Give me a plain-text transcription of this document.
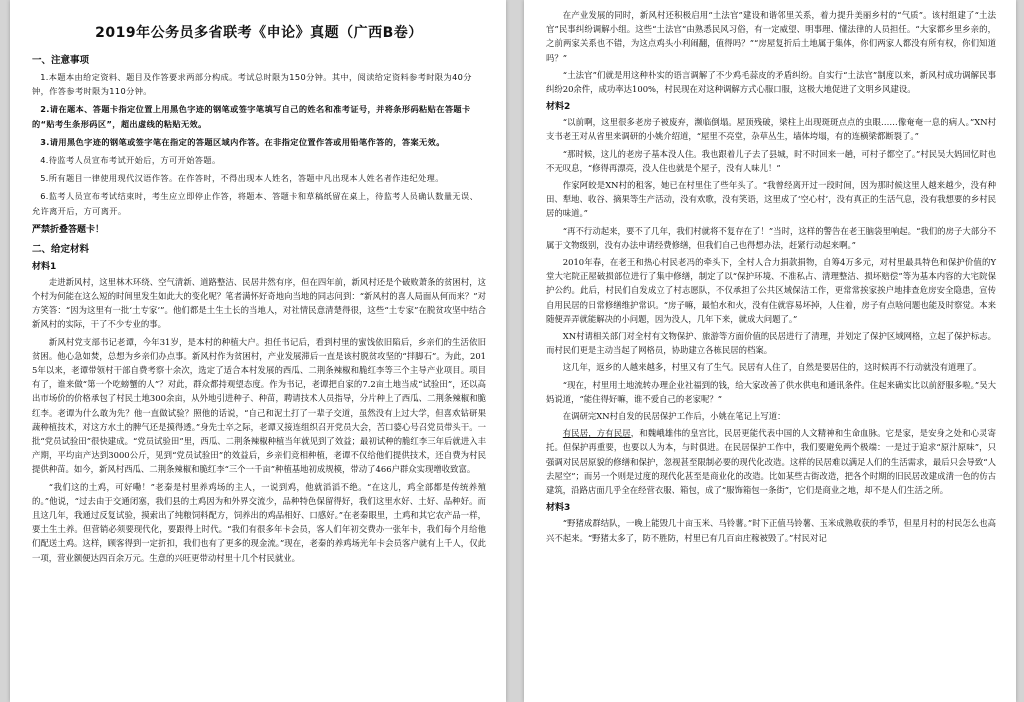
2019年公务员多省联考《申论》真题（广西B卷）
一、注意事项
1.本题本由给定资料、题目及作答要求两部分构成。考试总时限为150分钟。其中，阅读给定资料参考时限为40分钟，作答参考时限为110分钟。
2.请在题本、答题卡指定位置上用黑色字迹的钢笔或签字笔填写自己的姓名和准考证号，并将条形码粘贴在答题卡的“贴考生条形码区”，超出虚线的粘贴无效。
3.请用黑色字迹的钢笔或签字笔在指定的答题区域内作答。在非指定位置作答或用铅笔作答的，答案无效。
4.待监考人员宣布考试开始后，方可开始答题。
5.所有题目一律使用现代汉语作答。在作答时，不得出现本人姓名，答题中凡出现本人姓名者作违纪处理。
6.监考人员宣布考试结束时，考生应立即停止作答，将题本、答题卡和草稿纸留在桌上，待监考人员确认数量无误、允许离开后，方可离开。
严禁折叠答题卡！
二、给定材料
材料1

走进新风村，这里林木环绕、空气清新、道路整洁、民居井然有序，但在四年前，新风村还是个破败萧条的贫困村，这个村为何能在这么短的时间里发生如此大的变化呢？笔者满怀好奇地向当地的同志问到：“新风村的喜人局面从何而来？”对方笑答：“因为这里有一批‘土专家’”。他们都是土生土长的当地人，对社情民意清楚得很，这些“土专家”在脱贫攻坚中结合新风村的实际，干了不少专业的事。

新风村党支部书记老谭，今年31岁，是本村的种植大户。担任书记后，看到村里的蜜饯依旧陷后，乡亲们的生活依旧贫困。他心急如焚，总想为乡亲们办点事。新风村作为贫困村，产业发展滞后一直是该村脱贫攻坚的“拌脚石”。为此，2015年以来，老谭带领村干部自费考察十余次，选定了适合本村发展的西瓜、二荆条辣椒和脆红李等三个主导产业项目。项目有了，谁来做“第一个吃螃蟹的人”？对此，群众都持观望态度。作为书记，老谭把自家的7.2亩土地当成“试验田”，还以高出市场价的价格承包了村民土地300余亩，从外地引进种子、种苗，聘请技术人员指导，分片种上了西瓜、二荆条辣椒和脆红李。老谭为什么敢为先？他一直做试验？照他的话说，“自己和泥土打了一辈子交道，虽然没有上过大学，但喜欢钻研果蔬种植技术，对这方水土的脾气还是摸得透。”身先士卒之际，老谭又接连组织召开党员大会，苦口婆心号召党员带头干。一批“党员试验田”很快建成。“党员试验田”里，西瓜、二荆条辣椒种植当年就见到了效益；最初试种的脆红李三年后就进入丰产期，平均亩产达到3000公斤，见到“党员试验田”的效益后，乡亲们竞相种植，老谭不仅给他们提供技术，还自费为村民提供种苗。如今，新风村西瓜、二荆条辣椒和脆红李“三个一千亩”种植基地初成规模，带动了466户群众实现增收致富。

“我们这的土鸡，可好嘞！”老秦是村里养鸡场的主人，一说到鸡，他就滔滔不绝。“在这儿，鸡全部都是传统养殖的。”他说，“过去由于交通闭塞，我们县的土鸡因为和外界交流少，品种特色保留得好，我们这里水好、土好、品种好。而且这几年，我通过反复试验，摸索出了纯粮饲料配方，饲养出的鸡品相好、口感好。”在老秦眼里，土鸡和其它农产品一样，要土生土养。但营销必须要现代化，要跟得上时代。“我们有很多年卡会员，客人们年初交费办一张年卡，我们每个月给他们配送土鸡。这样，顾客得到一定折扣，我们也有了更多的现金流。”现在，老秦的养鸡场光年卡会员客户就有上千人，仅此一项，营业额便达四百余万元。生意的兴旺更带动村里十几个村民就业。

在产业发展的同时，新风村还积极启用“土法官”建设和谐邻里关系，着力提升美丽乡村的“气质”。该村组建了“土法官”民事纠纷调解小组。这些“土法官”由熟悉民风习俗，有一定威望、明事理、懂法律的人员担任。“大家都乡里乡亲的，之前两家关系也不错，为这点鸡头小利闹翻，值得吗？”“房屋复折后土地属于集体，你们两家人都没有所有权，你们知道吗？”

“土法官”们就是用这种朴实的语言调解了不少鸡毛蒜皮的矛盾纠纷。自实行“土法官”制度以来，新风村成功调解民事纠纷20余件，成功率达100%，村民现在对这种调解方式心服口服，这极大地促进了文明乡风建设。

材料2

“以前啊，这里很多老房子被废弃，濒临倒塌。屋顶残破，梁柱上出现斑斑点点的虫眼……像奄奄一息的病人。”XN村支书老王对从省里来调研的小姚介绍道，“屋里不亮堂，杂草丛生，墙体垮塌，有的连横梁都断裂了。”

“那时候，这儿的老房子基本没人住。我也跟着儿子去了县城，时不时回来一趟，可村子都空了。”村民吴大妈回忆时也不无叹息，“修得再漂亮，没人住也就是个屋子，没有人味儿！”

作家阿皎是XN村的租客，她已在村里住了些年头了。“我曾经离开过一段时间，因为那时候这里人越来越少，没有种田、犁地、收谷、摘果等生产活动，没有欢歌，没有笑语，这里成了‘空心村’，没有真正的生活气息，没有我想要的乡村民居的味道。”

“再不行动起来，要不了几年，我们村就将不复存在了！”当时，这样的警告在老王脑袋里响起。“我们的房子大部分不属于文物级别，没有办法申请经费修缮，但我们自己也得想办法，赶紧行动起来啊。”

2010年春，在老王和热心村民老冯的牵头下，全村人合力捐款捐物，自筹4万多元，对村里最具特色和保护价值的Y堂大宅院正屋破损部位进行了集中修缮，制定了以“保护环境、不准私占、清理整洁、损坏赔偿”等为基本内容的大宅院保护公约。此后，村民们自发成立了村志愿队，不仅承担了公共区域保洁工作，更常常挨家挨户地排查危房安全隐患，宣传自用民居的日常修缮维护常识。“房子嘛，最怕水和火，没有住就容易坏掉，人住着，房子有点啥问题也能及时察觉。本来随便弄弄就能解决的小问题，因为没人，几年下来，就成大问题了。”

XN村请相关部门对全村有文物保护、旅游等方面价值的民居进行了清理，并划定了保护区域网格，立起了保护标志。而村民们更是主动当起了网格员，协助建立各栋民居的档案。

这几年，返乡的人越来越多，村里又有了生气。民居有人住了，自然是要居住的，这时候再不行动就没有道理了。

“现在，村里用土地流转办理企业社福到的钱，给大家改善了供水供电和通讯条件。住起来确实比以前舒服多啦。”吴大妈说道，“能住得好嘛，谁不爱自己的老家呢？”

在调研完XN村自发的民居保护工作后，小姚在笔记上写道：

有民居，方有民居，和魏峨雄伟的皇宫比，民居更能代表中国的人文精神和生命血脉。它是家，是安身之处和心灵寄托。但保护再重要，也要以人为本，与时俱进。在民居保护工作中，我们要避免两个极端：一是过于追求“原汁原味”，只强调对民居原貌的修缮和保护，忽视甚至限制必要的现代化改造。这样的民居难以满足人们的生活需求，最后只会导致“人去屋空”；而另一个则是过度的现代化甚至是商业化的改造。比如某些古街改造，把各个时期的旧民居改建成清一色的仿古建筑，沿路店面几乎全在经营衣服、箱包，成了“服饰箱包一条街”，它们是商业之地，却不是人们生活之所。

材料3

“野猪成群结队，一晚上能毁几十亩玉米、马铃薯。”时下正值马铃薯、玉米成熟收获的季节，但星月村的村民怎么也高兴不起来。“野猪太多了，防不胜防，村里已有几百亩庄稼被毁了。”村民对记
